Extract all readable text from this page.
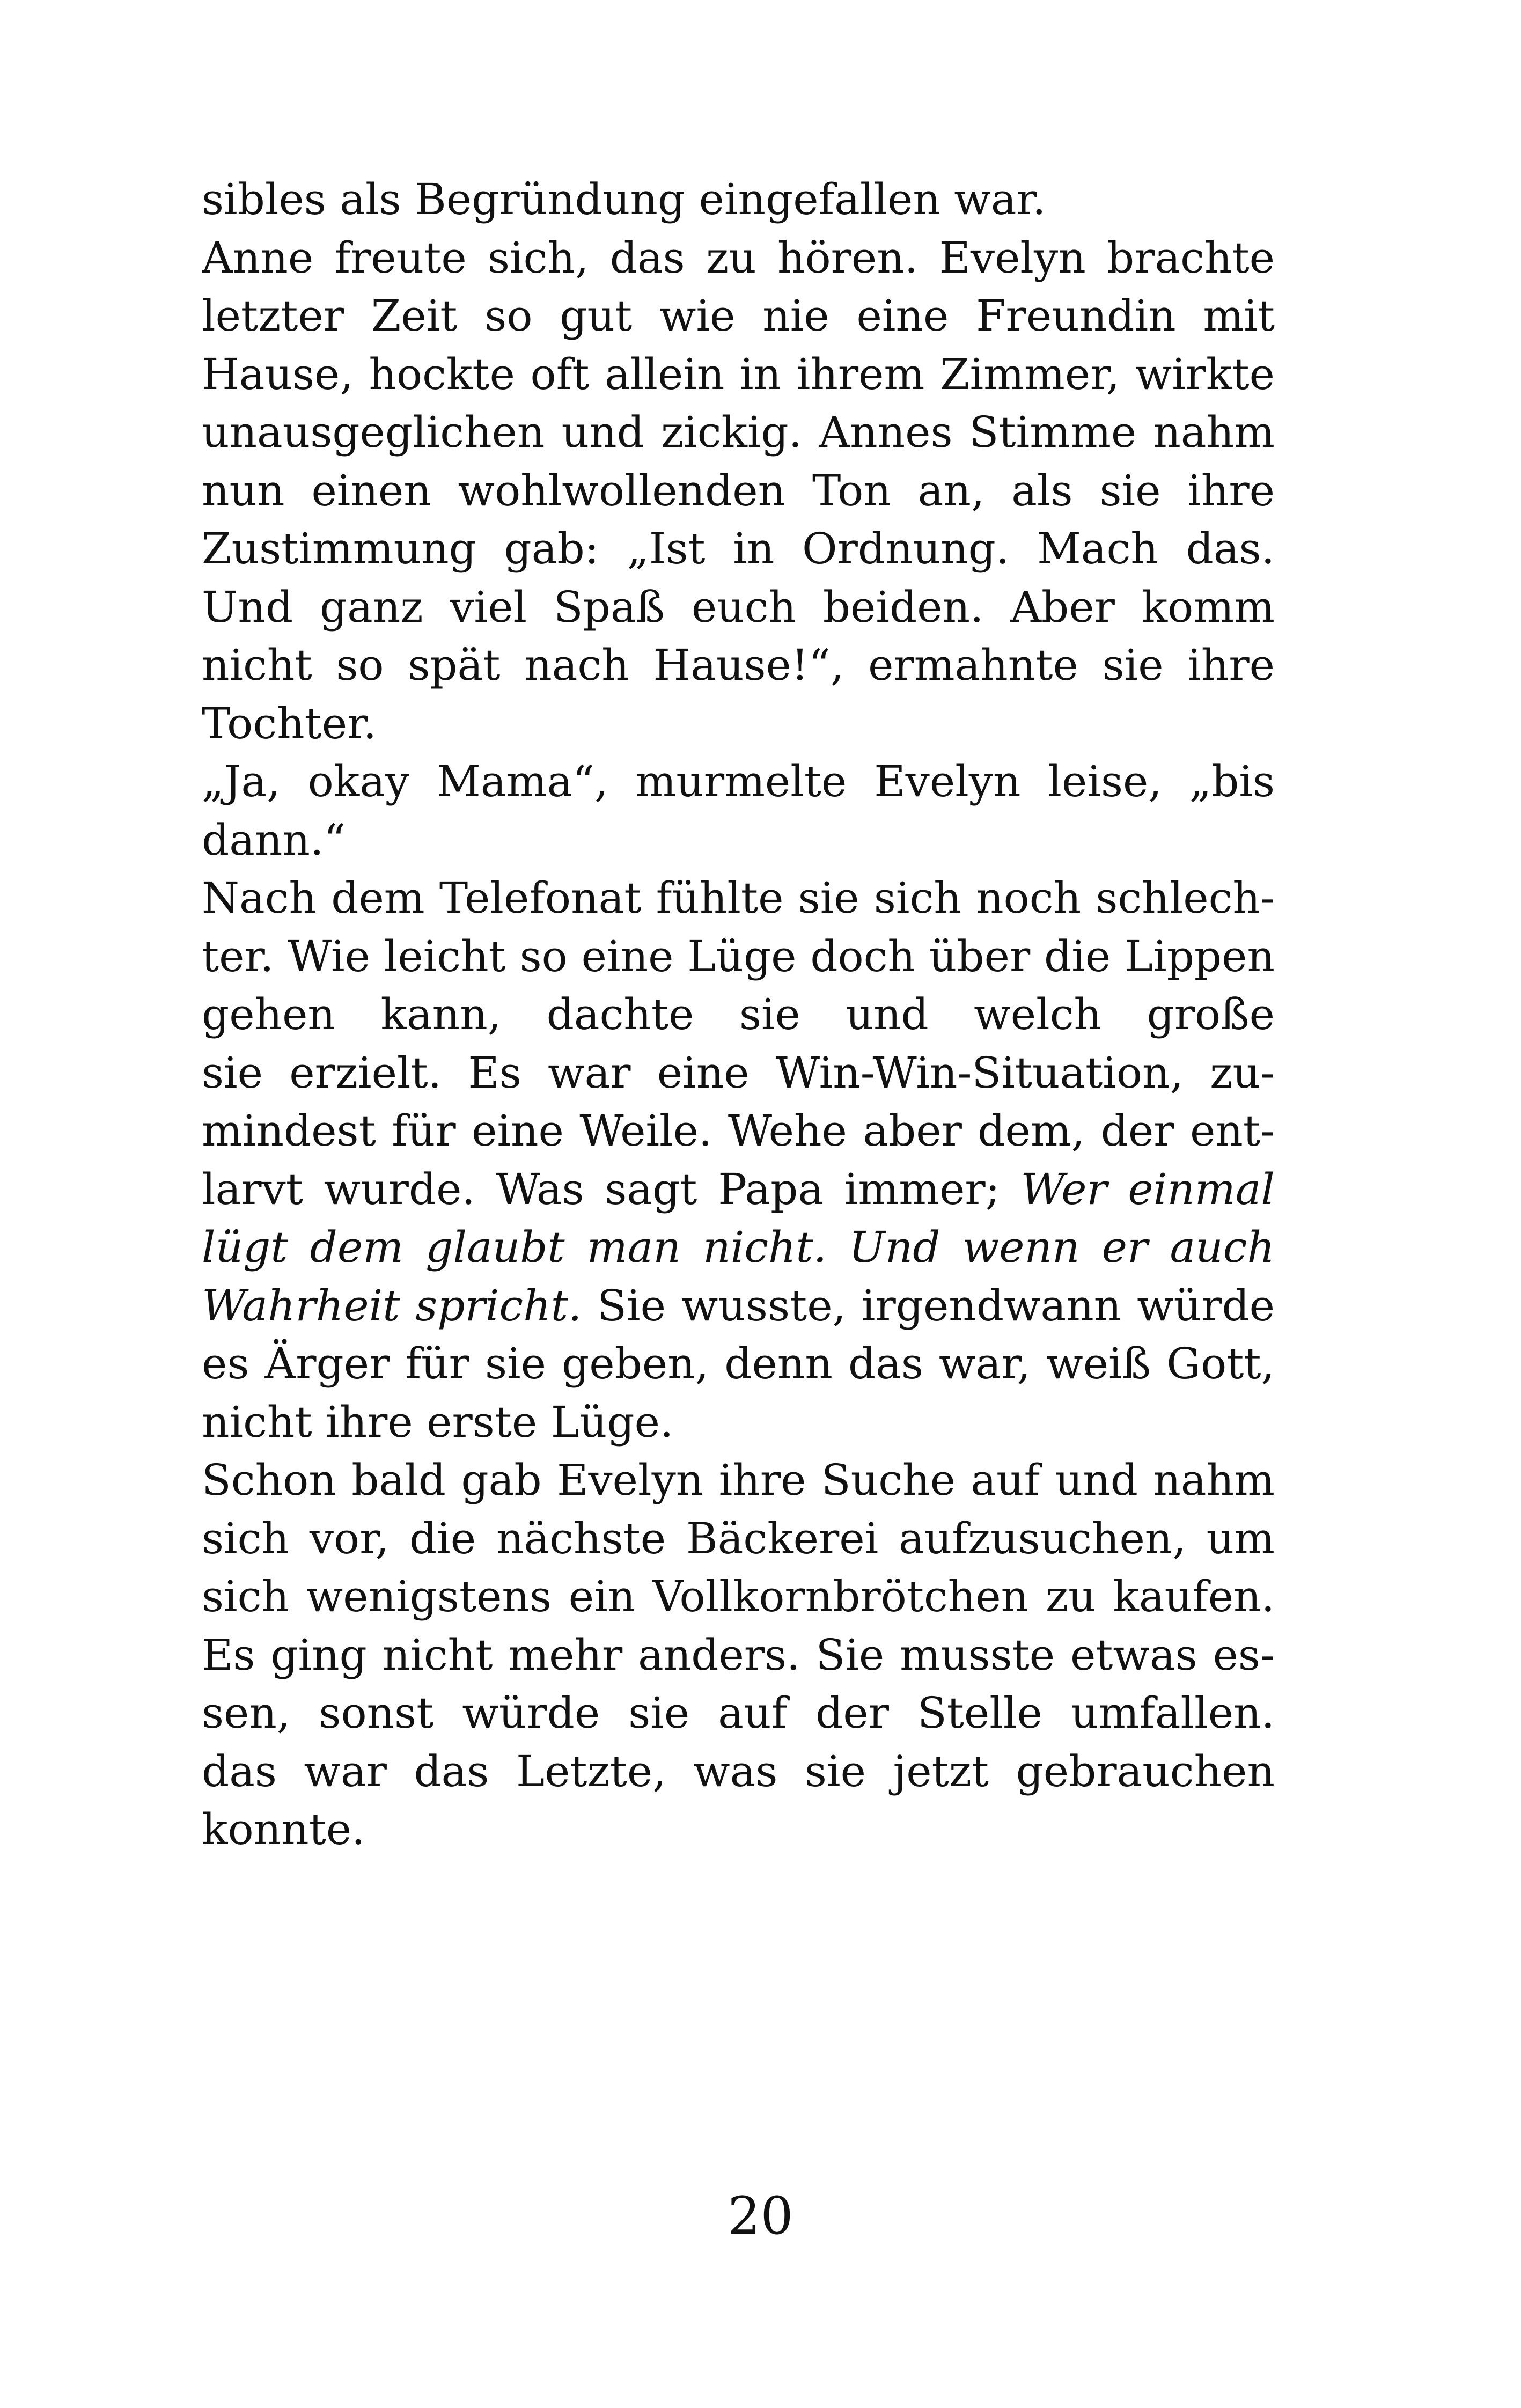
sibles als Begründung eingefallen war.
Anne freute sich, das zu hören. Evelyn brachte
letzter Zeit so gut wie nie eine Freundin mit
Hause, hockte oft allein in ihrem Zimmer, wirkte
unausgeglichen und zickig. Annes Stimme nahm
nun einen wohlwollenden Ton an, als sie ihre
Zustimmung gab: „Ist in Ordnung. Mach das.
Und ganz viel Spaß euch beiden. Aber komm
nicht so spät nach Hause!“, ermahnte sie ihre
Tochter.
„Ja, okay Mama“, murmelte Evelyn leise, „bis
dann.“
Nach dem Telefonat fühlte sie sich noch schlech-
ter. Wie leicht so eine Lüge doch über die Lippen
gehen kann, dachte sie und welch große
sie erzielt. Es war eine Win-Win-Situation, zu-
mindest für eine Weile. Wehe aber dem, der ent-
larvt wurde. Was sagt Papa immer; Wer einmal
lügt dem glaubt man nicht. Und wenn er auch
Wahrheit spricht. Sie wusste, irgendwann würde
es Ärger für sie geben, denn das war, weiß Gott,
nicht ihre erste Lüge.
Schon bald gab Evelyn ihre Suche auf und nahm
sich vor, die nächste Bäckerei aufzusuchen, um
sich wenigstens ein Vollkornbrötchen zu kaufen.
Es ging nicht mehr anders. Sie musste etwas es-
sen, sonst würde sie auf der Stelle umfallen.
das war das Letzte, was sie jetzt gebrauchen
konnte.
20
